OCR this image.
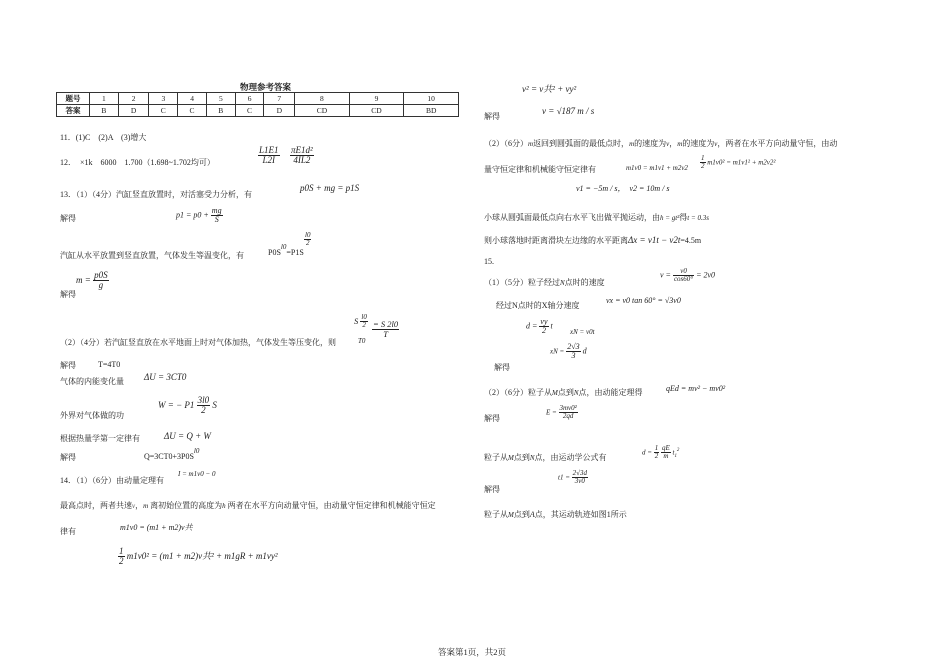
物理参考答案
题号	1	2	3	4	5	6	7	8	9	10
答案	B	D	C	C	B	C	D	CD	CD	BD
11．(1)C　(2)A　(3)增大
12．　×1k　6000　1.700（1.698~1.702均可）	$\frac{L1E1}{L2I} \frac{\text{πE1d²}}{4IL2}$
13．（1）（4分）汽缸竖直放置时，对活塞受力分析，有
p0S + mg = p1S
解得	$p1 = p0 + \frac{mg}{S}$
汽缸从水平放置到竖直放置，气体发生等温变化，有	P0Sl0=P1S
$\frac{l0}{2}$
$m = \frac{p0S}{g}$
解得
S $\frac{l0}{2}$
T0
$\frac{= S 2l0}{T}$
（2）（4分）若汽缸竖直放在水平地面上时对气体加热，气体发生等压变化，则
解得	T=4T0
气体的内能变化量 ΔU = 3CT0
外界对气体做的功
W = − $P1 \frac{3l0}{2}$ S
根据热量学第一定律有	ΔU = Q + W
解得	Q=3CT0+3P0Sl0
14．（1）（6分）由动量定理有
I = m1v0 − 0
最高点时，两者共速v，m 离初始位置的高度为h 两者在水平方向动量守恒，由动量守恒定律和机械能守恒定
律有	m1v0 = (m1 + m2)v共
$\frac{1}{2} m1v0^2 = (m1 + m2)v$共² + m1gR + m1vy²
v² = v共² + vy²
解得
v = √187 m / s
（2）（6分）m返回到圆弧面的最低点时，m的速度为v，m的速度为v，两者在水平方向动量守恒，由动
量守恒定律和机械能守恒定律有	$m1v0 = m1v1 + m2v2 \frac{1}{2} m1v0^2 = m1v1^2 + m2v2^2$
v1 = −5m / s，　v2 = 10m / s
小球从圆弧面最低点向右水平飞出做平抛运动，由h = gt²得t = 0.3s
则小球落地时距离滑块左边缘的水平距离Δx = v1t − v2t=4.5m
15.
（1）（5分）粒子经过N点时的速度
$v = \frac{v0}{\cos 60^\circ} = 2v0$
经过N点时的X轴分速度
vx = v0 tan 60° = √3v0
$d = \frac{vy}{2}$ t
xN = v0t
xN = $\frac{2√3}{3}$ d
解得
（2）（6分）粒子从M点到N点，由动能定理得	qEd = mv² − mv0²
解得
$E = \frac{\text{3mv0²}}{2qd}$
粒子从M点到N点，由运动学公式有
$d = \frac{1}{2}$
$\frac{qE}{m} t_1^2$
解得
$t1 = \frac{2√3d}{3v0}$
粒子从M点到A点，其运动轨迹如图1所示
答案第1页，共2页
